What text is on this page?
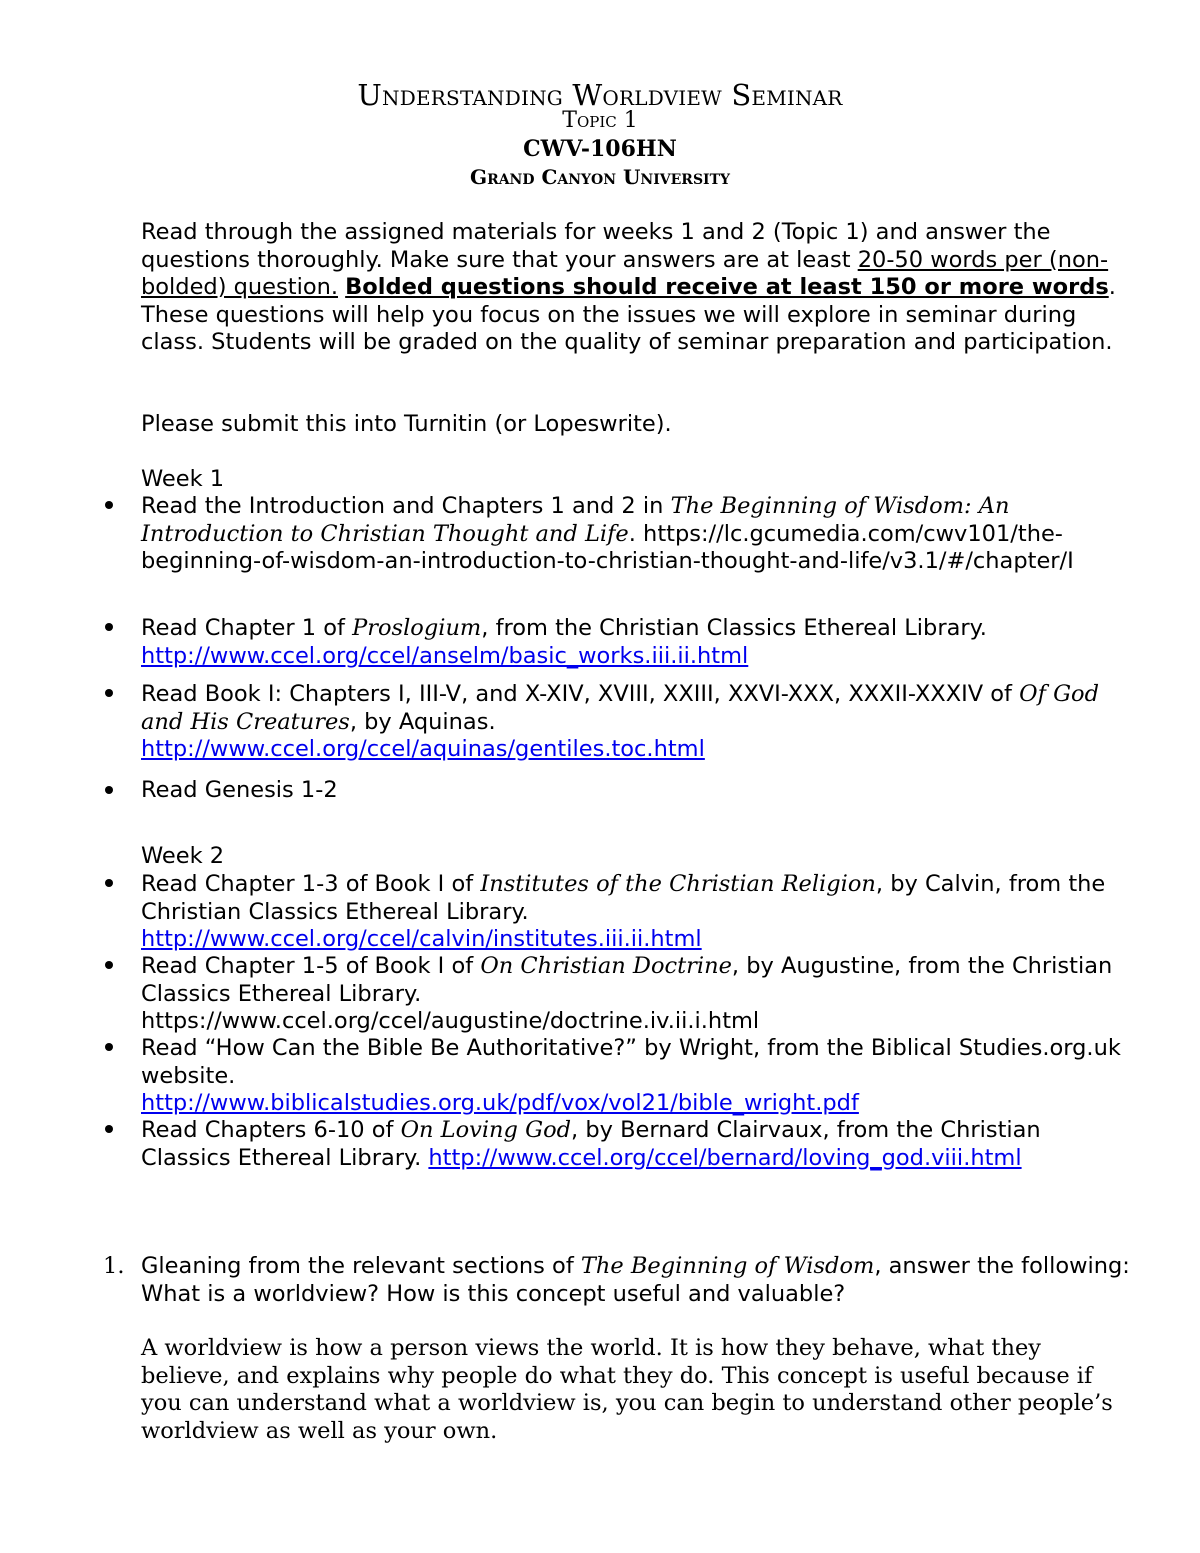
Understanding Worldview Seminar
Topic 1
CWV-106HN
Grand Canyon University
Read through the assigned materials for weeks 1 and 2 (Topic 1) and answer the questions thoroughly. Make sure that your answers are at least 20-50 words per (non-bolded) question. Bolded questions should receive at least 150 or more words. These questions will help you focus on the issues we will explore in seminar during class. Students will be graded on the quality of seminar preparation and participation.
Please submit this into Turnitin (or Lopeswrite).
Week 1
Read the Introduction and Chapters 1 and 2 in The Beginning of Wisdom: An Introduction to Christian Thought and Life. https://lc.gcumedia.com/cwv101/the-beginning-of-wisdom-an-introduction-to-christian-thought-and-life/v3.1/#/chapter/I
Read Chapter 1 of Proslogium, from the Christian Classics Ethereal Library.
http://www.ccel.org/ccel/anselm/basic_works.iii.ii.html
Read Book I: Chapters I, III-V, and X-XIV, XVIII, XXIII, XXVI-XXX, XXXII-XXXIV of Of God and His Creatures, by Aquinas.
http://www.ccel.org/ccel/aquinas/gentiles.toc.html
Read Genesis 1-2
Week 2
Read Chapter 1-3 of Book I of Institutes of the Christian Religion, by Calvin, from the Christian Classics Ethereal Library.
http://www.ccel.org/ccel/calvin/institutes.iii.ii.html
Read Chapter 1-5 of Book I of On Christian Doctrine, by Augustine, from the Christian Classics Ethereal Library.
https://www.ccel.org/ccel/augustine/doctrine.iv.ii.i.html
Read “How Can the Bible Be Authoritative?” by Wright, from the Biblical Studies.org.uk website.
http://www.biblicalstudies.org.uk/pdf/vox/vol21/bible_wright.pdf
Read Chapters 6-10 of On Loving God, by Bernard Clairvaux, from the Christian Classics Ethereal Library. http://www.ccel.org/ccel/bernard/loving_god.viii.html
1. Gleaning from the relevant sections of The Beginning of Wisdom, answer the following: What is a worldview? How is this concept useful and valuable?
A worldview is how a person views the world. It is how they behave, what they believe, and explains why people do what they do. This concept is useful because if you can understand what a worldview is, you can begin to understand other people’s worldview as well as your own.
